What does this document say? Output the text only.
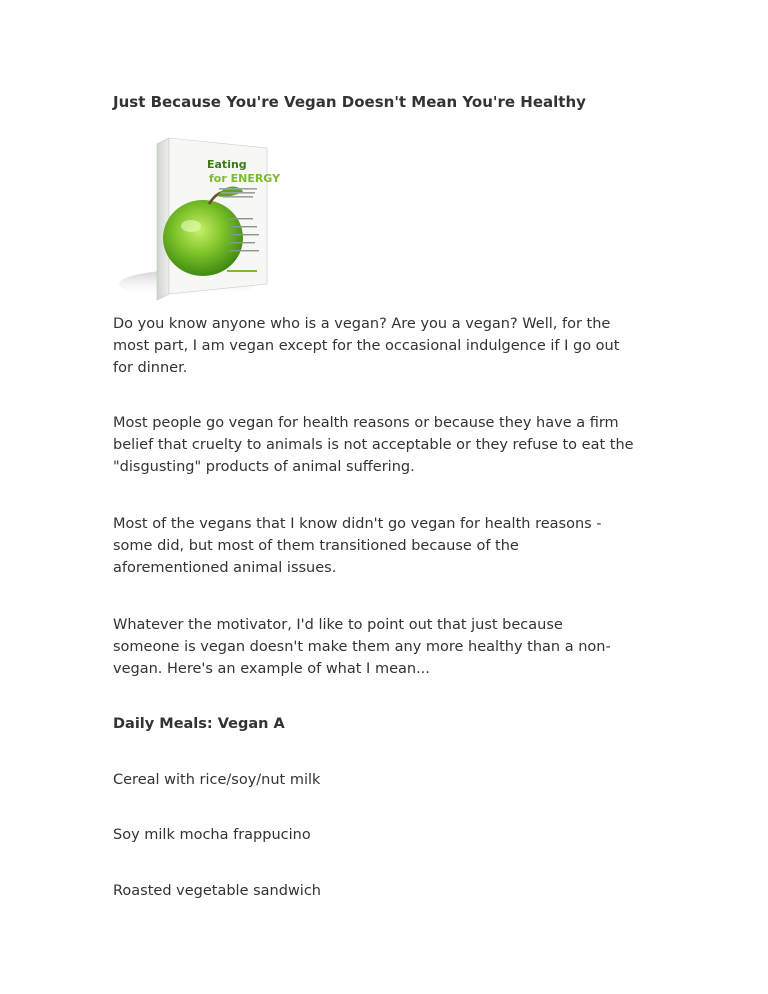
Just Because You're Vegan Doesn't Mean You're Healthy
Eating
for ENERGY

Do you know anyone who is a vegan? Are you a vegan? Well, for the
most part, I am vegan except for the occasional indulgence if I go out
for dinner.

Most people go vegan for health reasons or because they have a firm
belief that cruelty to animals is not acceptable or they refuse to eat the
"disgusting" products of animal suffering.

Most of the vegans that I know didn't go vegan for health reasons -
some did, but most of them transitioned because of the
aforementioned animal issues.

Whatever the motivator, I'd like to point out that just because
someone is vegan doesn't make them any more healthy than a non-
vegan. Here's an example of what I mean...

Daily Meals: Vegan A

Cereal with rice/soy/nut milk

Soy milk mocha frappucino

Roasted vegetable sandwich
